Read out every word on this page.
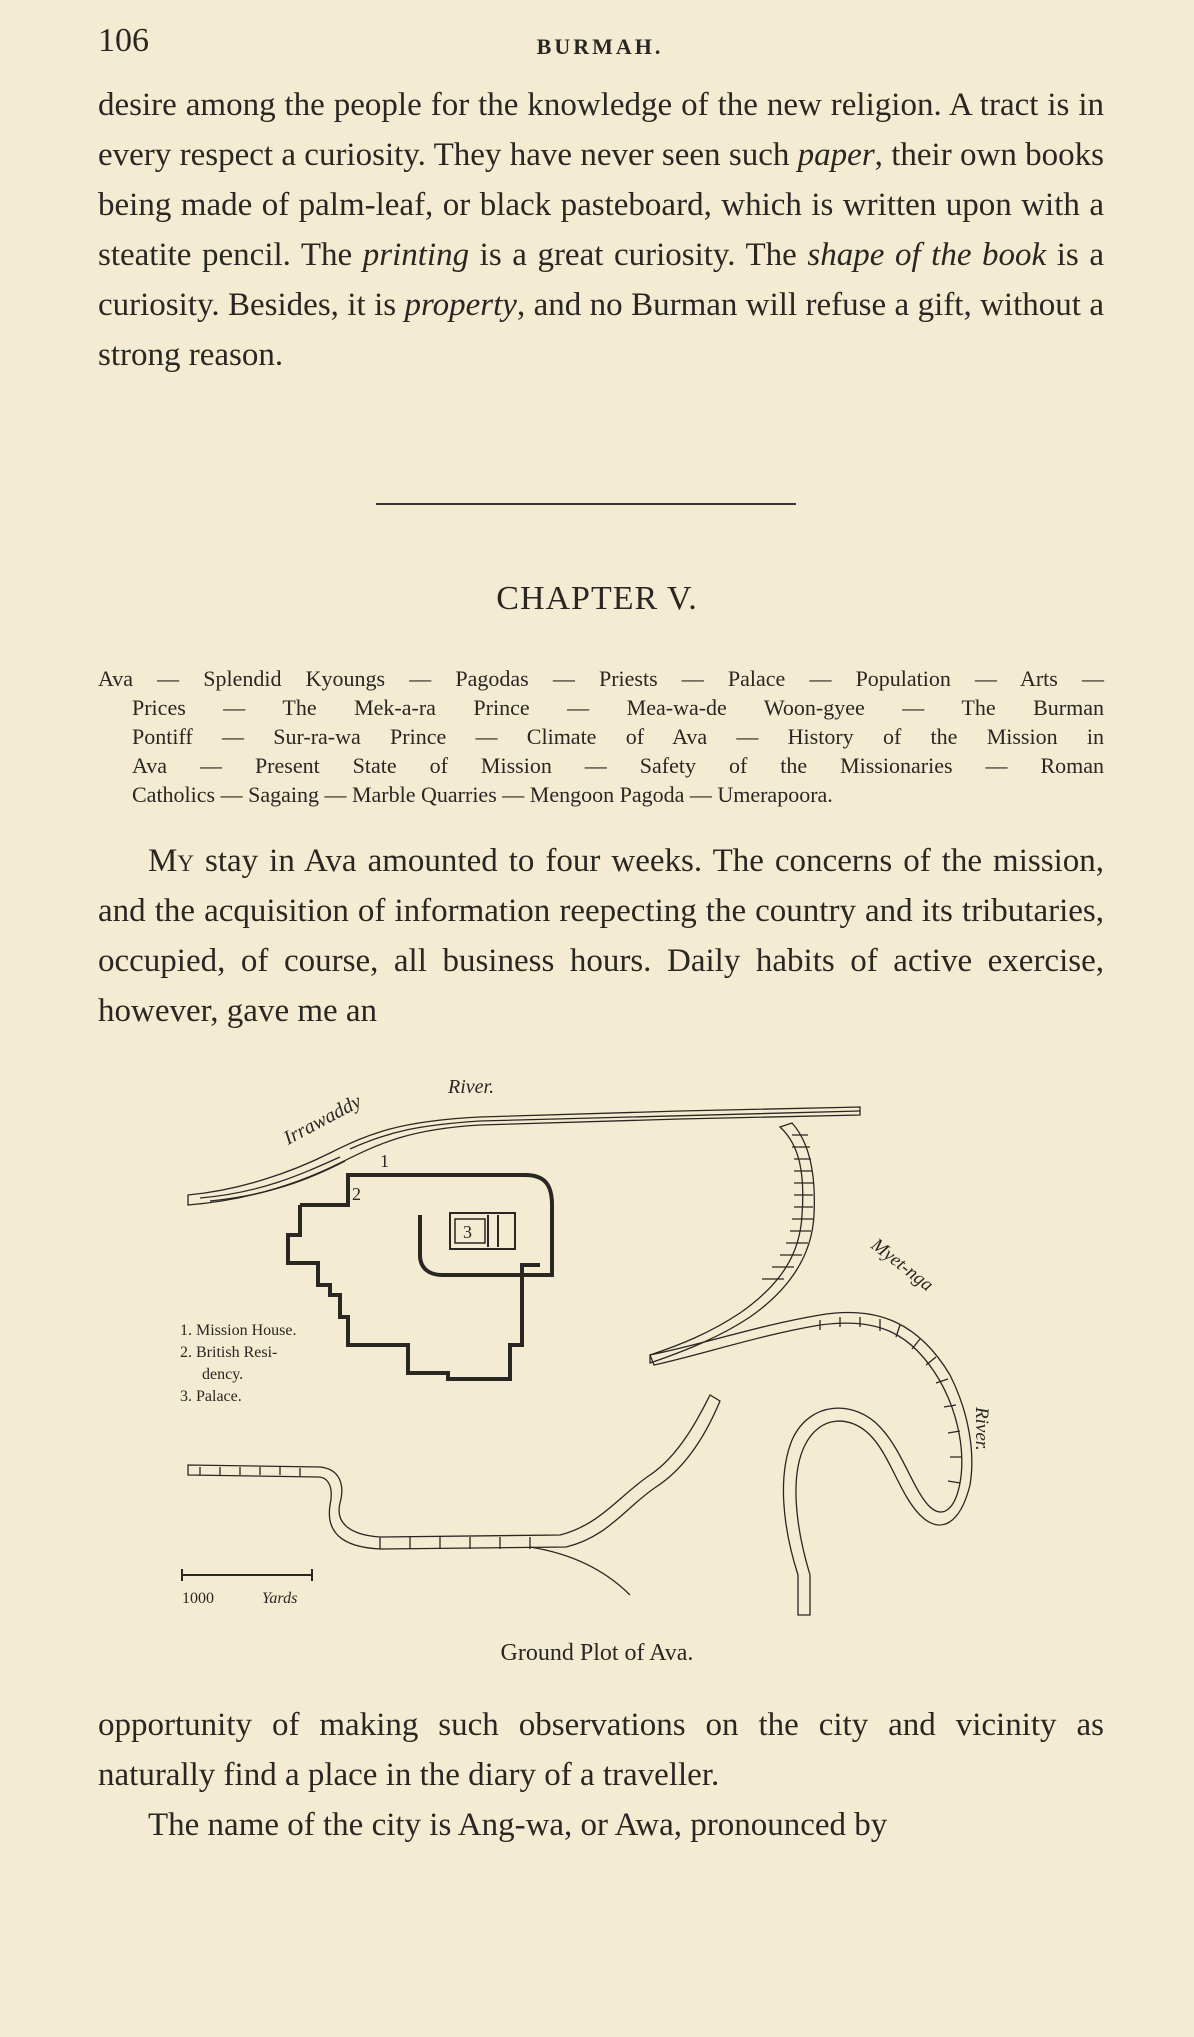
106	BURMAH.

desire among the people for the knowledge of the new religion. A tract is in every respect a curiosity. They have never seen such paper, their own books being made of palm-leaf, or black pasteboard, which is written upon with a steatite pencil. The printing is a great curiosity. The shape of the book is a curiosity. Besides, it is property, and no Burman will refuse a gift, without a strong reason.

CHAPTER V.
Ava — Splendid Kyoungs — Pagodas — Priests — Palace — Population — Arts —
Prices — The Mek-a-ra Prince — Mea-wa-de Woon-gyee — The Burman
Pontiff — Sur-ra-wa Prince — Climate of Ava — History of the Mission in
Ava — Present State of Mission — Safety of the Missionaries — Roman
Catholics — Sagaing — Marble Quarries — Mengoon Pagoda — Umerapoora.

My stay in Ava amounted to four weeks. The concerns of the mission, and the acquisition of information reepecting the country and its tributaries, occupied, of course, all business hours. Daily habits of active exercise, however, gave me an

Irrawaddy
River.
Myet-nga
River.
1
2
3
1. Mission House.
2. British Resi-
dency.
3. Palace.
1000	Yards
Ground Plot of Ava.

opportunity of making such observations on the city and vicinity as naturally find a place in the diary of a traveller.

The name of the city is Ang-wa, or Awa, pronounced by
